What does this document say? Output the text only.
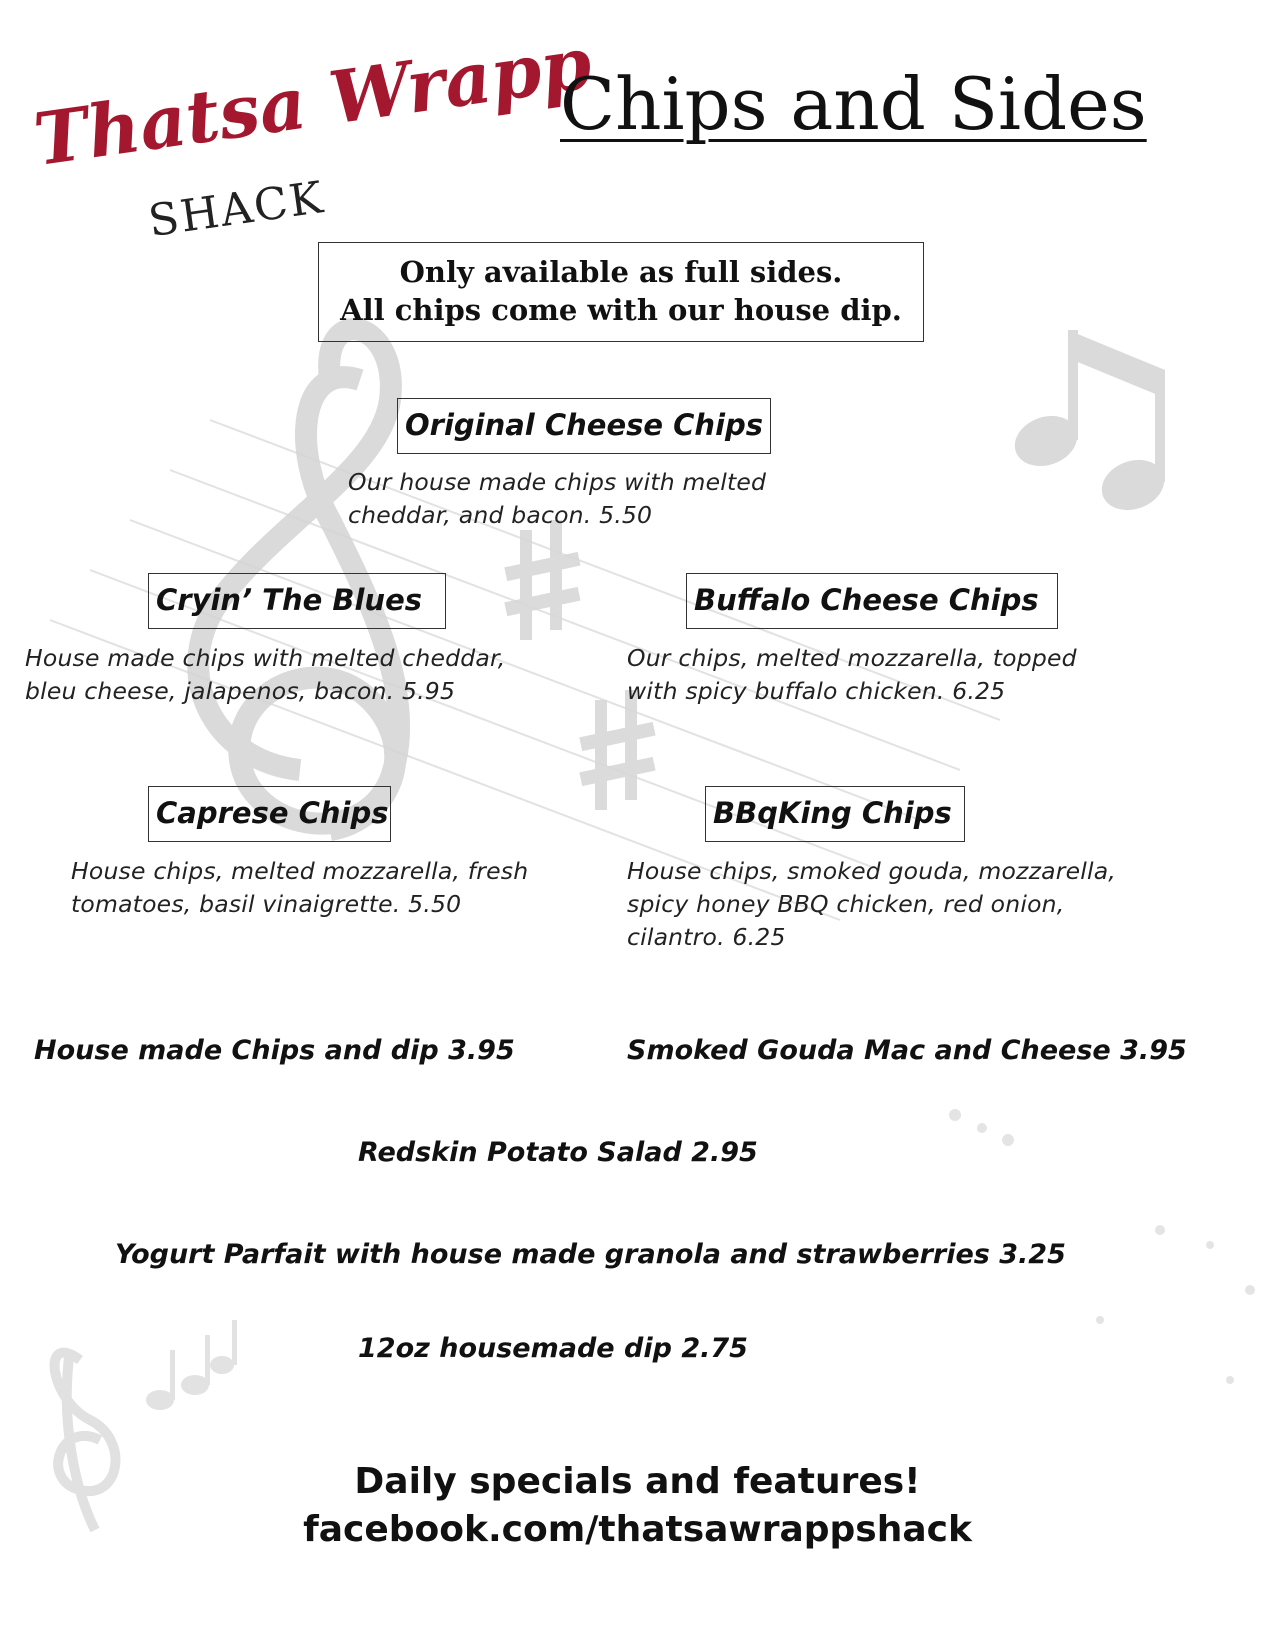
Thatsa Wrapp
SHACK
Chips and Sides
Only available as full sides.
All chips come with our house dip.
Original Cheese Chips
Our house made chips with melted
cheddar, and bacon. 5.50
Cryin’ The Blues
House made chips with melted cheddar,
bleu cheese, jalapenos, bacon. 5.95
Buffalo Cheese Chips
Our chips, melted mozzarella, topped
with spicy buffalo chicken. 6.25
Caprese Chips
House chips, melted mozzarella, fresh
tomatoes, basil vinaigrette. 5.50
BBqKing Chips
House chips, smoked gouda, mozzarella,
spicy honey BBQ chicken, red onion,
cilantro. 6.25
House made Chips and dip 3.95	Smoked Gouda Mac and Cheese 3.95
Redskin Potato Salad 2.95
Yogurt Parfait with house made granola and strawberries 3.25
12oz housemade dip 2.75
Daily specials and features!
facebook.com/thatsawrappshack
